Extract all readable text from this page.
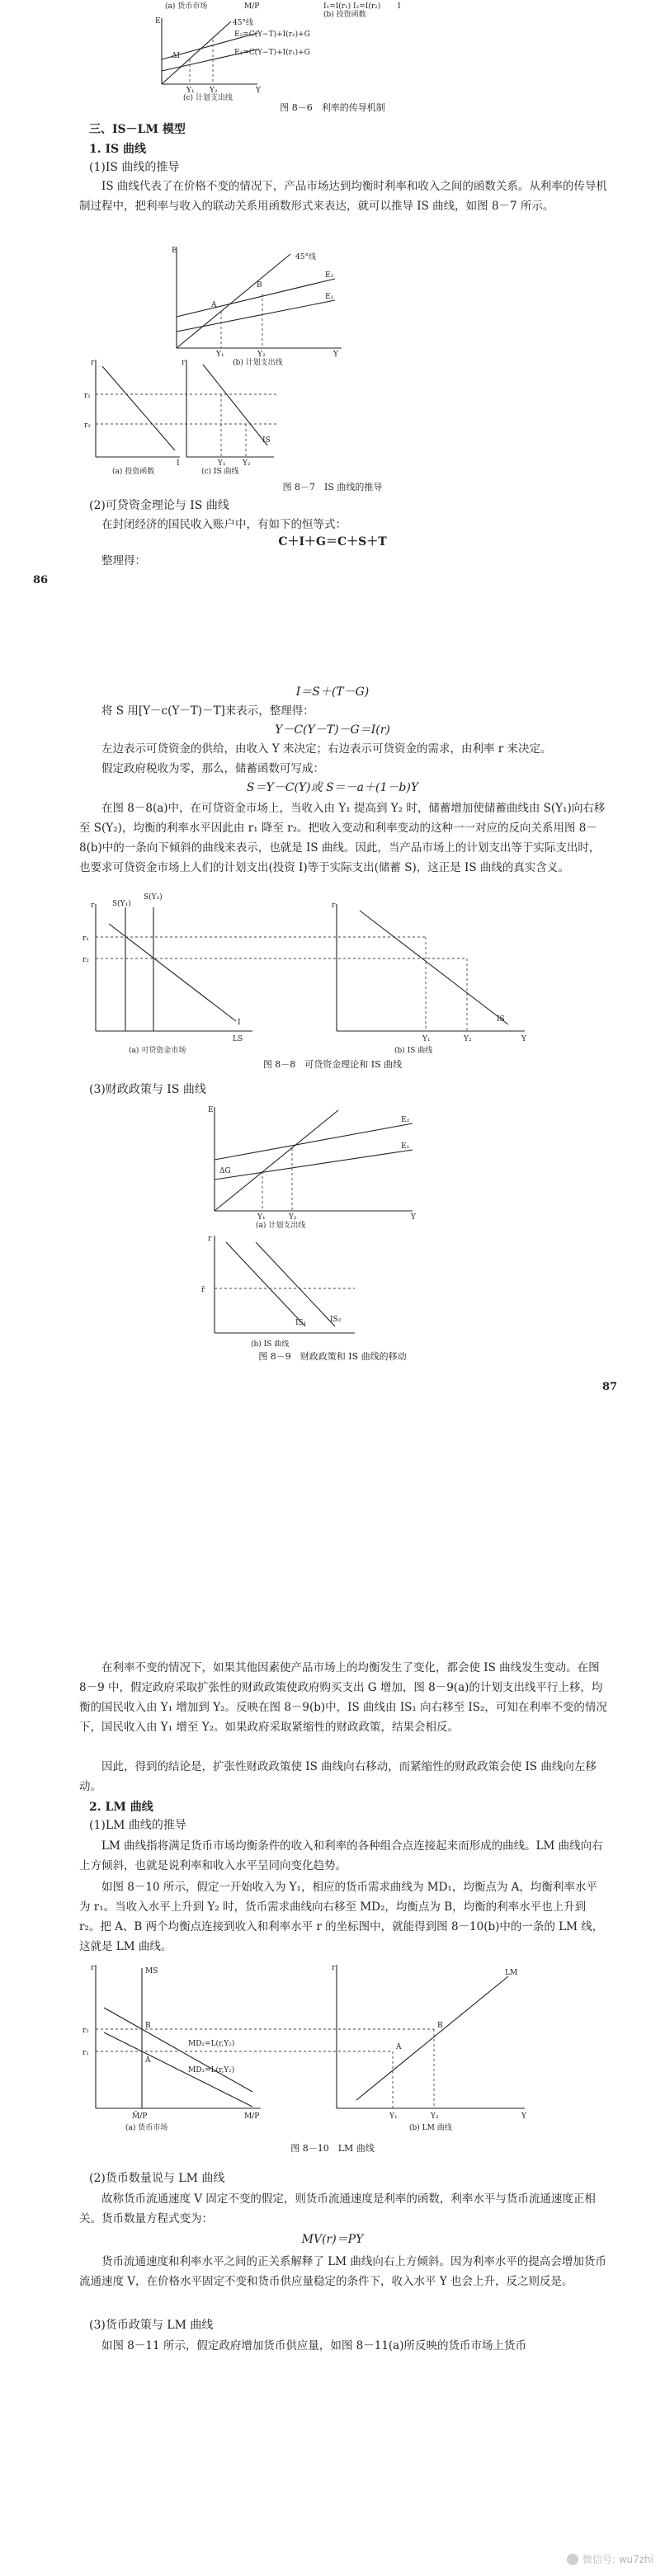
(a) 货币市场	M/P	I₁=I(r₁) I₂=I(r₂) I
(b) 投资函数
E	45°线
E₂=C(Y−T)+I(r₂)+G
E₁=C(Y−T)+I(r₁)+G
ΔI
Y₁ Y₂	Y
(c) 计划支出线
图 8－6　利率的传导机制
三、IS－LM 模型
1. IS 曲线
(1)IS 曲线的推导
IS 曲线代表了在价格不变的情况下，产品市场达到均衡时利率和收入之间的函数关系。从利率的传导机制过程中，把利率与收入的联动关系用函数形式来表达，就可以推导 IS 曲线，如图 8－7 所示。
E
45°线
E₂
E₁
A
B
Y₁	Y₂	Y
(b) 计划支出线
r
r₁
r₂
I
(a) 投资函数
r
Y₁ Y₂
IS
(c) IS 曲线
图 8－7　IS 曲线的推导
(2)可贷资金理论与 IS 曲线
在封闭经济的国民收入账户中，有如下的恒等式：
C＋I＋G＝C＋S＋T
整理得：
86
I＝S＋(T－G)
将 S 用[Y－c(Y－T)－T]来表示，整理得：
Y－C(Y－T)－G＝I(r)
左边表示可贷资金的供给，由收入 Y 来决定；右边表示可贷资金的需求，由利率 r 来决定。
假定政府税收为零，那么，储蓄函数可写成：
S＝Y－C(Y)或 S＝－a＋(1－b)Y
在图 8－8(a)中，在可贷资金市场上，当收入由 Y₁ 提高到 Y₂ 时，储蓄增加使储蓄曲线由 S(Y₁)向右移至 S(Y₂)，均衡的利率水平因此由 r₁ 降至 r₂。把收入变动和利率变动的这种一一对应的反向关系用图 8－8(b)中的一条向下倾斜的曲线来表示，也就是 IS 曲线。因此，当产品市场上的计划支出等于实际支出时，也要求可贷资金市场上人们的计划支出(投资 I)等于实际支出(储蓄 S)，这正是 IS 曲线的真实含义。
r S(Y₁)
S(Y₂)
I
r₁
r₂
LS
(a) 可贷资金市场
r
IS
Y₁	Y₂	Y
(b) IS 曲线
图 8－8　可贷资金理论和 IS 曲线
(3)财政政策与 IS 曲线
E
E₂
E₁
ΔG
Y₁	Y₂	Y
(a) 计划支出线
r
r̄
IS₁	IS₂
(b) IS 曲线
图 8－9　财政政策和 IS 曲线的移动
87
在利率不变的情况下，如果其他因素使产品市场上的均衡发生了变化，都会使 IS 曲线发生变动。在图 8－9 中，假定政府采取扩张性的财政政策使政府购买支出 G 增加，图 8－9(a)的计划支出线平行上移，均衡的国民收入由 Y₁ 增加到 Y₂。反映在图 8－9(b)中，IS 曲线由 IS₁ 向右移至 IS₂，可知在利率不变的情况下，国民收入由 Y₁ 增至 Y₂。如果政府采取紧缩性的财政政策，结果会相反。
因此，得到的结论是，扩张性财政政策使 IS 曲线向右移动，而紧缩性的财政政策会使 IS 曲线向左移动。
2. LM 曲线
(1)LM 曲线的推导
LM 曲线指将满足货币市场均衡条件的收入和利率的各种组合点连接起来而形成的曲线。LM 曲线向右上方倾斜，也就是说利率和收入水平呈同向变化趋势。
如图 8－10 所示，假定一开始收入为 Y₁，相应的货币需求曲线为 MD₁，均衡点为 A，均衡利率水平为 r₁。当收入水平上升到 Y₂ 时，货币需求曲线向右移至 MD₂，均衡点为 B，均衡的利率水平也上升到 r₂。把 A、B 两个均衡点连接到收入和利率水平 r 的坐标图中，就能得到图 8－10(b)中的一条的 LM 线，这就是 LM 曲线。
r	MS
MD₂=L(r,Y₂)
MD₁=L(r,Y₁)
r₂
r₁
B
A
M̄/P	M/P
(a) 货币市场
r
LM
A
B
Y₁	Y₂	Y
(b) LM 曲线
图 8－10　LM 曲线
(2)货币数量说与 LM 曲线
故称货币流通速度 V 固定不变的假定，则货币流通速度是利率的函数，利率水平与货币流通速度正相关。货币数量方程式变为：
MV(r)＝PY
货币流通速度和利率水平之间的正关系解释了 LM 曲线向右上方倾斜。因为利率水平的提高会增加货币流通速度 V，在价格水平固定不变和货币供应量稳定的条件下，收入水平 Y 也会上升，反之则反是。
(3)货币政策与 LM 曲线
如图 8－11 所示，假定政府增加货币供应量，如图 8－11(a)所反映的货币市场上货币
微信号: wu7zhi
